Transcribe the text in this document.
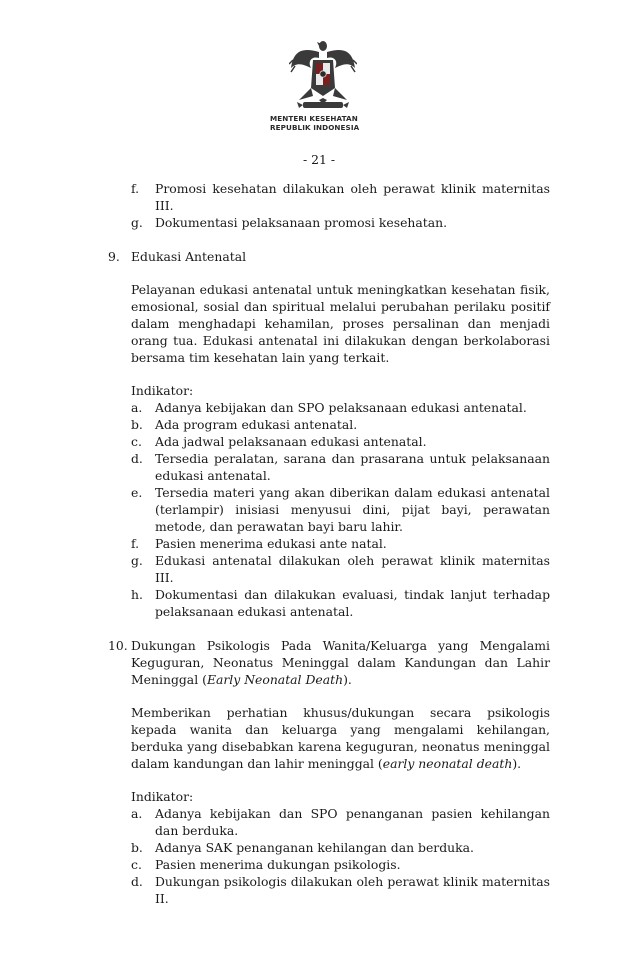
MENTERI KESEHATAN
REPUBLIK INDONESIA
- 21 -
f.	Promosi kesehatan dilakukan oleh perawat klinik maternitas III.
g. Dokumentasi pelaksanaan promosi kesehatan.
9. Edukasi Antenatal
Pelayanan edukasi antenatal untuk meningkatkan kesehatan fisik, emosional, sosial dan spiritual melalui perubahan perilaku positif dalam menghadapi kehamilan, proses persalinan dan menjadi orang tua. Edukasi antenatal ini dilakukan dengan berkolaborasi bersama tim kesehatan lain yang terkait.
Indikator:
a.	Adanya kebijakan dan SPO pelaksanaan edukasi antenatal.
b. Ada program edukasi antenatal.
c.	Ada jadwal pelaksanaan edukasi antenatal.
d. Tersedia peralatan, sarana dan prasarana untuk pelaksanaan edukasi antenatal.
e.	Tersedia materi yang akan diberikan dalam edukasi antenatal (terlampir) inisiasi menyusui dini, pijat bayi, perawatan metode, dan perawatan bayi baru lahir.
f.	Pasien menerima edukasi ante natal.
g. Edukasi antenatal dilakukan oleh perawat klinik maternitas III.
h. Dokumentasi dan dilakukan evaluasi, tindak lanjut terhadap pelaksanaan edukasi antenatal.
10. Dukungan Psikologis Pada Wanita/Keluarga yang Mengalami Keguguran, Neonatus Meninggal dalam Kandungan dan Lahir Meninggal (Early Neonatal Death).
Memberikan perhatian khusus/dukungan secara psikologis kepada wanita dan keluarga yang mengalami kehilangan, berduka yang disebabkan karena keguguran, neonatus meninggal dalam kandungan dan lahir meninggal (early neonatal death).
Indikator:
a.	Adanya kebijakan dan SPO penanganan pasien kehilangan dan berduka.
b. Adanya SAK penanganan kehilangan dan berduka.
c.	Pasien menerima dukungan psikologis.
d. Dukungan psikologis dilakukan oleh perawat klinik maternitas II.
